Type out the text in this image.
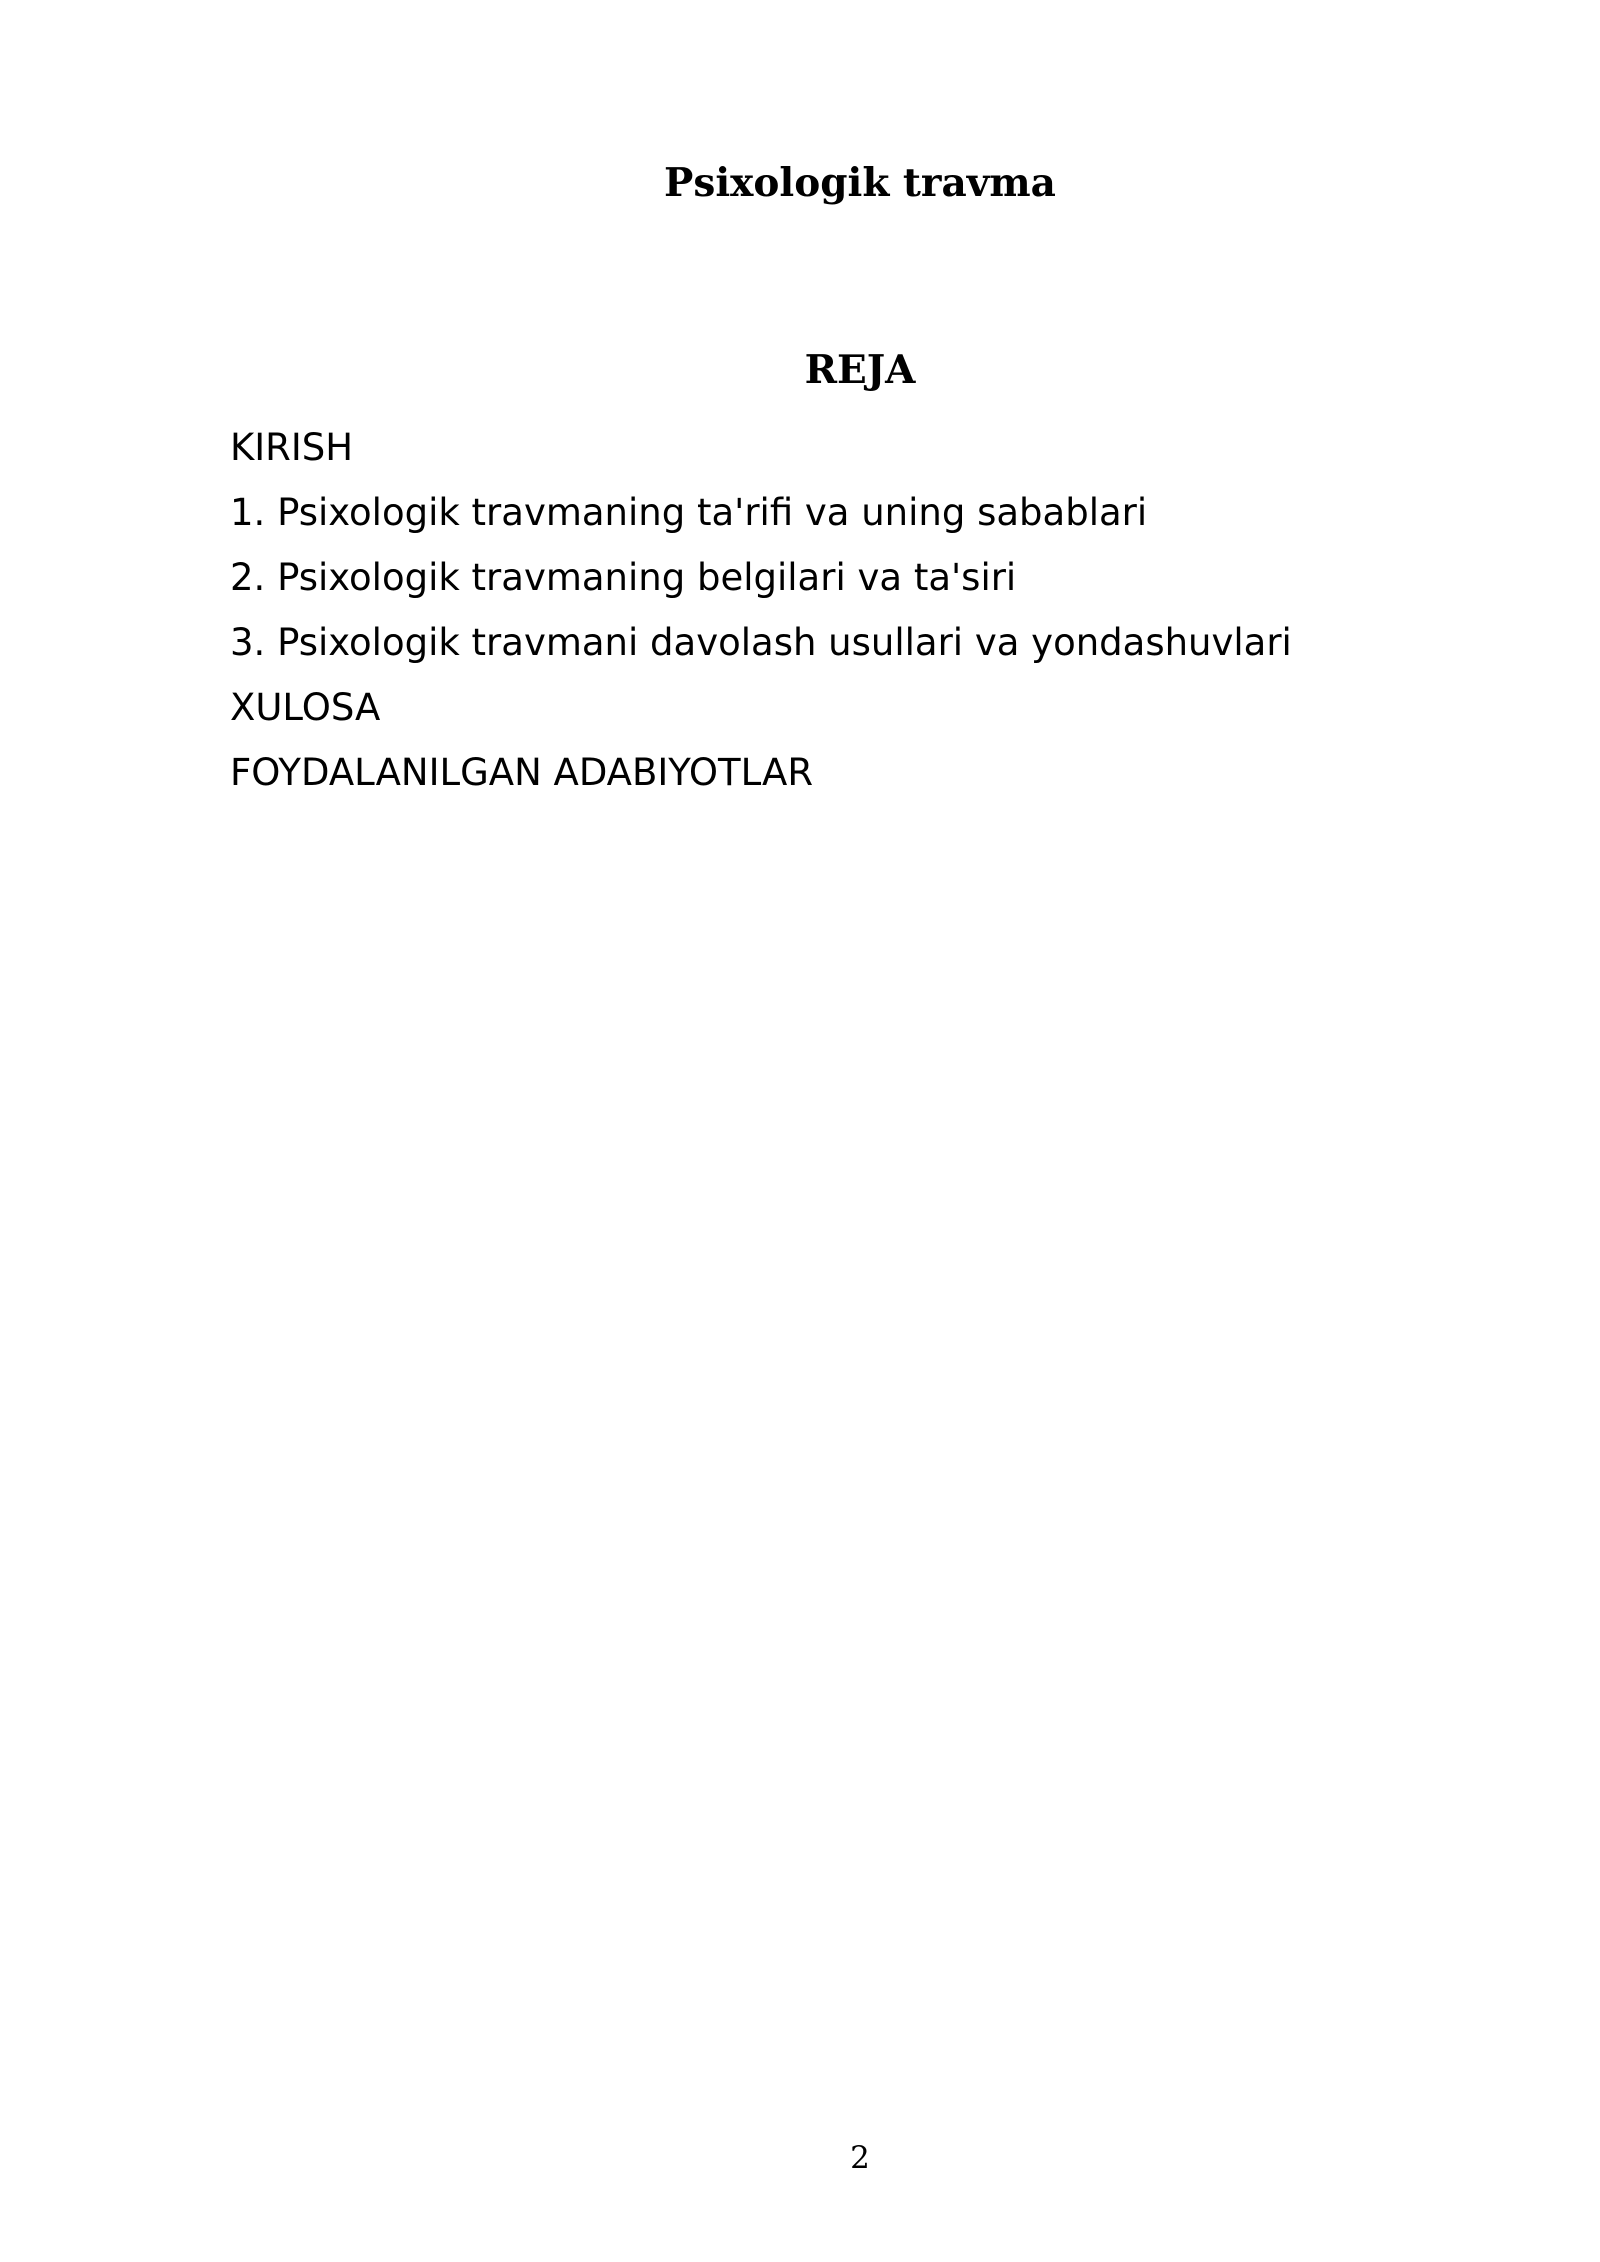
Psixologik travma
REJA
KIRISH
1. Psixologik travmaning ta'rifi va uning sabablari
2. Psixologik travmaning belgilari va ta'siri
3. Psixologik travmani davolash usullari va yondashuvlari
XULOSA
FOYDALANILGAN ADABIYOTLAR
2
